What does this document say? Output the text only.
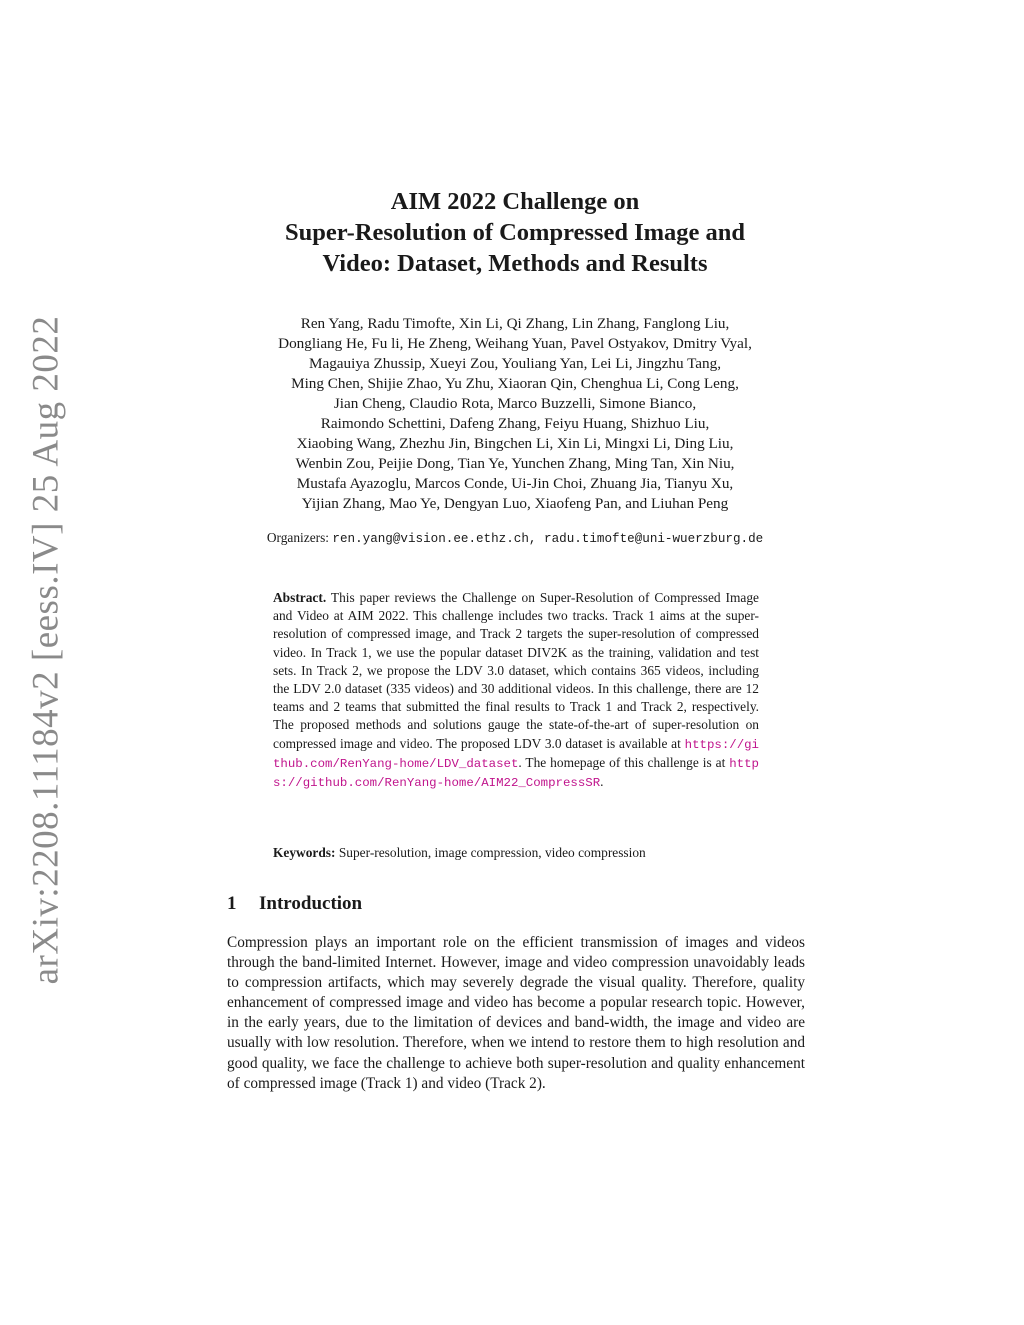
arXiv:2208.11184v2 [eess.IV] 25 Aug 2022
AIM 2022 Challenge on
Super-Resolution of Compressed Image and
Video: Dataset, Methods and Results
Ren Yang, Radu Timofte, Xin Li, Qi Zhang, Lin Zhang, Fanglong Liu,
Dongliang He, Fu li, He Zheng, Weihang Yuan, Pavel Ostyakov, Dmitry Vyal,
Magauiya Zhussip, Xueyi Zou, Youliang Yan, Lei Li, Jingzhu Tang,
Ming Chen, Shijie Zhao, Yu Zhu, Xiaoran Qin, Chenghua Li, Cong Leng,
Jian Cheng, Claudio Rota, Marco Buzzelli, Simone Bianco,
Raimondo Schettini, Dafeng Zhang, Feiyu Huang, Shizhuo Liu,
Xiaobing Wang, Zhezhu Jin, Bingchen Li, Xin Li, Mingxi Li, Ding Liu,
Wenbin Zou, Peijie Dong, Tian Ye, Yunchen Zhang, Ming Tan, Xin Niu,
Mustafa Ayazoglu, Marcos Conde, Ui-Jin Choi, Zhuang Jia, Tianyu Xu,
Yijian Zhang, Mao Ye, Dengyan Luo, Xiaofeng Pan, and Liuhan Peng
Organizers: ren.yang@vision.ee.ethz.ch, radu.timofte@uni-wuerzburg.de
Abstract. This paper reviews the Challenge on Super-Resolution of Compressed Image and Video at AIM 2022. This challenge includes two tracks. Track 1 aims at the super-resolution of compressed image, and Track 2 targets the super-resolution of compressed video. In Track 1, we use the popular dataset DIV2K as the training, validation and test sets. In Track 2, we propose the LDV 3.0 dataset, which contains 365 videos, including the LDV 2.0 dataset (335 videos) and 30 additional videos. In this challenge, there are 12 teams and 2 teams that submitted the final results to Track 1 and Track 2, respectively. The proposed methods and solutions gauge the state-of-the-art of super-resolution on compressed image and video. The proposed LDV 3.0 dataset is available at https://github.com/RenYang-home/LDV_dataset. The homepage of this challenge is at https://github.com/RenYang-home/AIM22_CompressSR.
Keywords: Super-resolution, image compression, video compression
1 Introduction
Compression plays an important role on the efficient transmission of images and videos through the band-limited Internet. However, image and video compression unavoidably leads to compression artifacts, which may severely degrade the visual quality. Therefore, quality enhancement of compressed image and video has become a popular research topic. However, in the early years, due to the limitation of devices and band-width, the image and video are usually with low resolution. Therefore, when we intend to restore them to high resolution and good quality, we face the challenge to achieve both super-resolution and quality enhancement of compressed image (Track 1) and video (Track 2).
